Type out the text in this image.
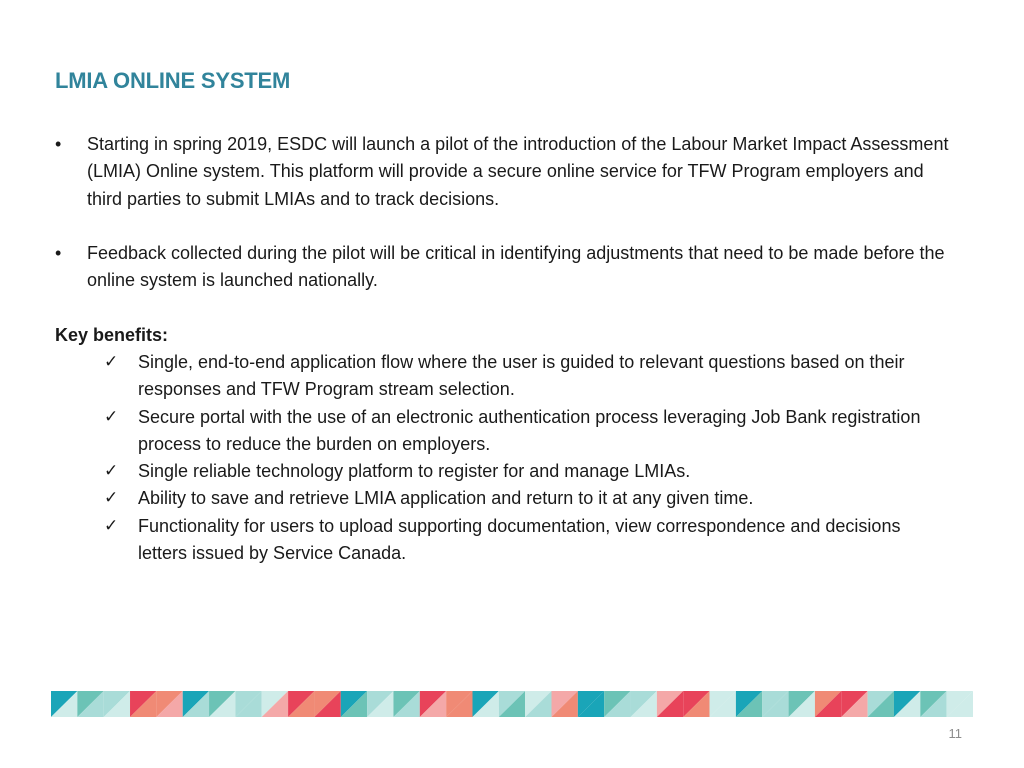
LMIA ONLINE SYSTEM
•	Starting in spring 2019, ESDC will launch a pilot of the introduction of the Labour Market Impact Assessment (LMIA) Online system. This platform will provide a secure online service for TFW Program employers and third parties to submit LMIAs and to track decisions.
•	Feedback collected during the pilot will be critical in identifying adjustments that need to be made before the online system is launched nationally.
Key benefits:
✓	Single, end-to-end application flow where the user is guided to relevant questions based on their responses and TFW Program stream selection.
✓	Secure portal with the use of an electronic authentication process leveraging Job Bank registration process to reduce the burden on employers.
✓	Single reliable technology platform to register for and manage LMIAs.
✓	Ability to save and retrieve LMIA application and return to it at any given time.
✓	Functionality for users to upload supporting documentation, view correspondence and decisions letters issued by Service Canada.
11
